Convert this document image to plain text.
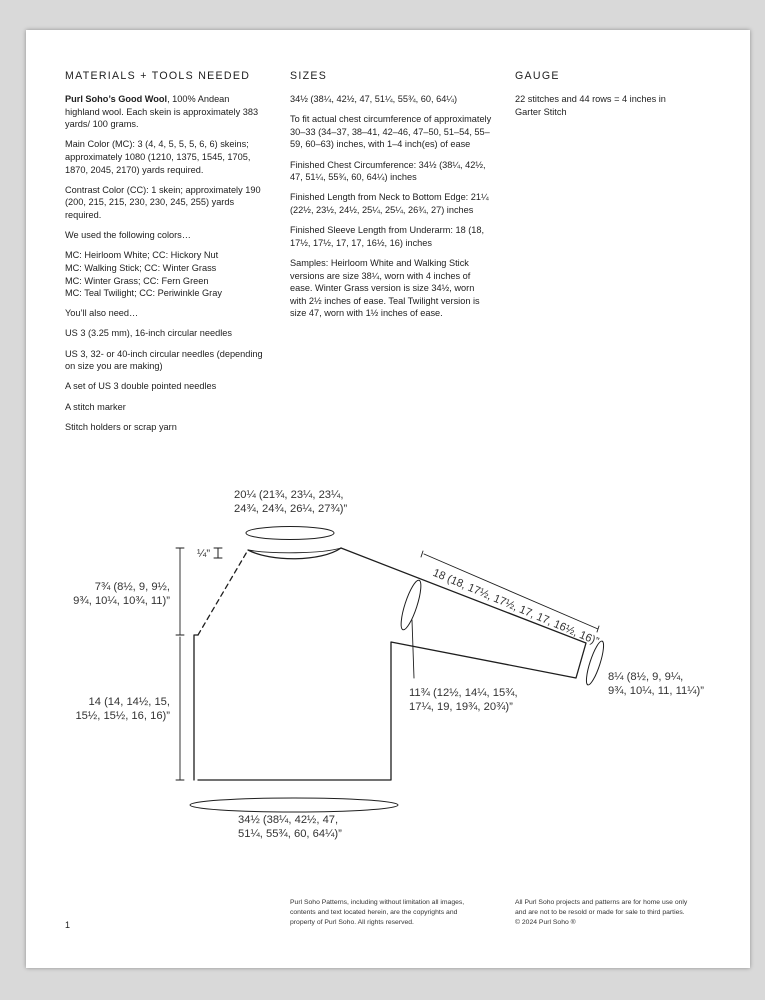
MATERIALS + TOOLS NEEDED

Purl Soho’s Good Wool, 100% Andean highland wool. Each skein is approximately 383 yards/ 100 grams.

Main Color (MC): 3 (4, 4, 5, 5, 5, 6, 6) skeins; approximately 1080 (1210, 1375, 1545, 1705, 1870, 2045, 2170) yards required.

Contrast Color (CC): 1 skein; approximately 190 (200, 215, 215, 230, 230, 245, 255) yards required.

We used the following colors…

MC: Heirloom White; CC: Hickory Nut
MC: Walking Stick; CC: Winter Grass
MC: Winter Grass; CC: Fern Green
MC: Teal Twilight; CC: Periwinkle Gray

You’ll also need…

US 3 (3.25 mm), 16-inch circular needles

US 3, 32- or 40-inch circular needles (depending on size you are making)

A set of US 3 double pointed needles

A stitch marker

Stitch holders or scrap yarn

SIZES

34½ (38¼, 42½, 47, 51¼, 55¾, 60, 64¼)

To fit actual chest circumference of approximately 30–33 (34–37, 38–41, 42–46, 47–50, 51–54, 55–59, 60–63) inches, with 1–4 inch(es) of ease

Finished Chest Circumference: 34½ (38¼, 42½, 47, 51¼, 55¾, 60, 64¼) inches

Finished Length from Neck to Bottom Edge: 21¼ (22½, 23½, 24½, 25¼, 25¼, 26¾, 27) inches

Finished Sleeve Length from Underarm: 18 (18, 17½, 17½, 17, 17, 16½, 16) inches

Samples: Heirloom White and Walking Stick versions are size 38¼, worn with 4 inches of ease. Winter Grass version is size 34½, worn with 2½ inches of ease. Teal Twilight version is size 47, worn with 1½ inches of ease.

GAUGE

22 stitches and 44 rows = 4 inches in Garter Stitch

20¼ (21¾, 23¼, 23¼,
24¾, 24¾, 26¼, 27¾)”
¼”
7¾ (8½, 9, 9½,
9¾, 10¼, 10¾, 11)”
14 (14, 14½, 15,
15½, 15½, 16, 16)”
34½ (38¼, 42½, 47,
51¼, 55¾, 60, 64¼)”
18 (18, 17½, 17½, 17, 17, 16½, 16)”
11¾ (12½, 14¼, 15¾,
17¼, 19, 19¾, 20¾)”
8¼ (8½, 9, 9¼,
9¾, 10¼, 11, 11¼)”
1
Purl Soho Patterns, including without limitation all images,
contents and text located herein, are the copyrights and
property of Purl Soho. All rights reserved.
All Purl Soho projects and patterns are for home use only
and are not to be resold or made for sale to third parties.
© 2024 Purl Soho ®
